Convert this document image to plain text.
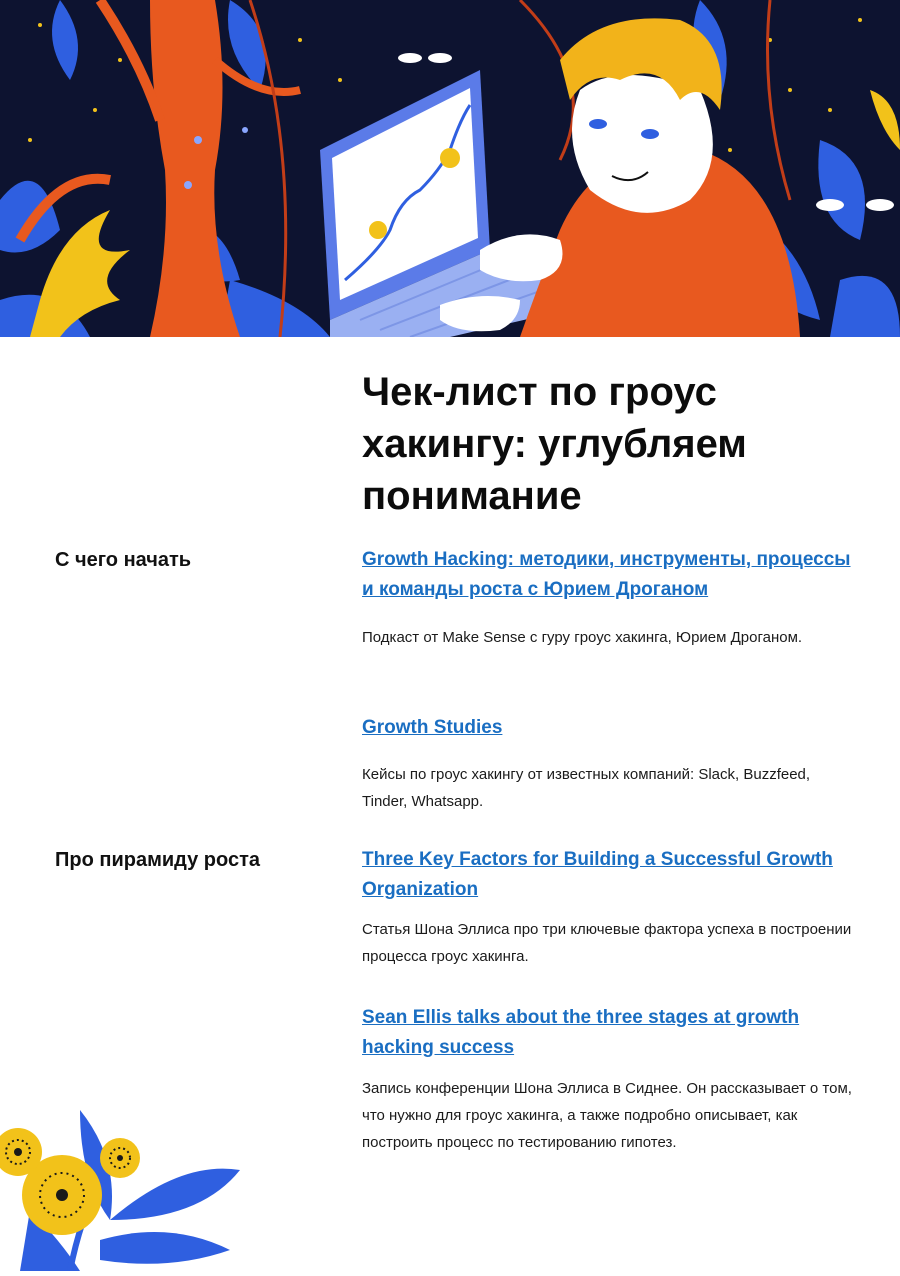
Чек-лист по гроус хакингу: углубляем понимание
С чего начать	Growth Hacking: методики, инструменты, процессы и команды роста с Юрием Дроганом

Подкаст от Make Sense с гуру гроус хакинга, Юрием Дроганом.

Growth Studies

Кейсы по гроус хакингу от известных компаний: Slack, Buzzfeed, Tinder, Whatsapp.

Про пирамиду роста	Three Key Factors for Building a Successful Growth Organization

Статья Шона Эллиса про три ключевые фактора успеха в построении процесса гроус хакинга.

Sean Ellis talks about the three stages at growth hacking success

Запись конференции Шона Эллиса в Сиднее. Он рассказывает о том, что нужно для гроус хакинга, а также подробно описывает, как построить процесс по тестированию гипотез.
